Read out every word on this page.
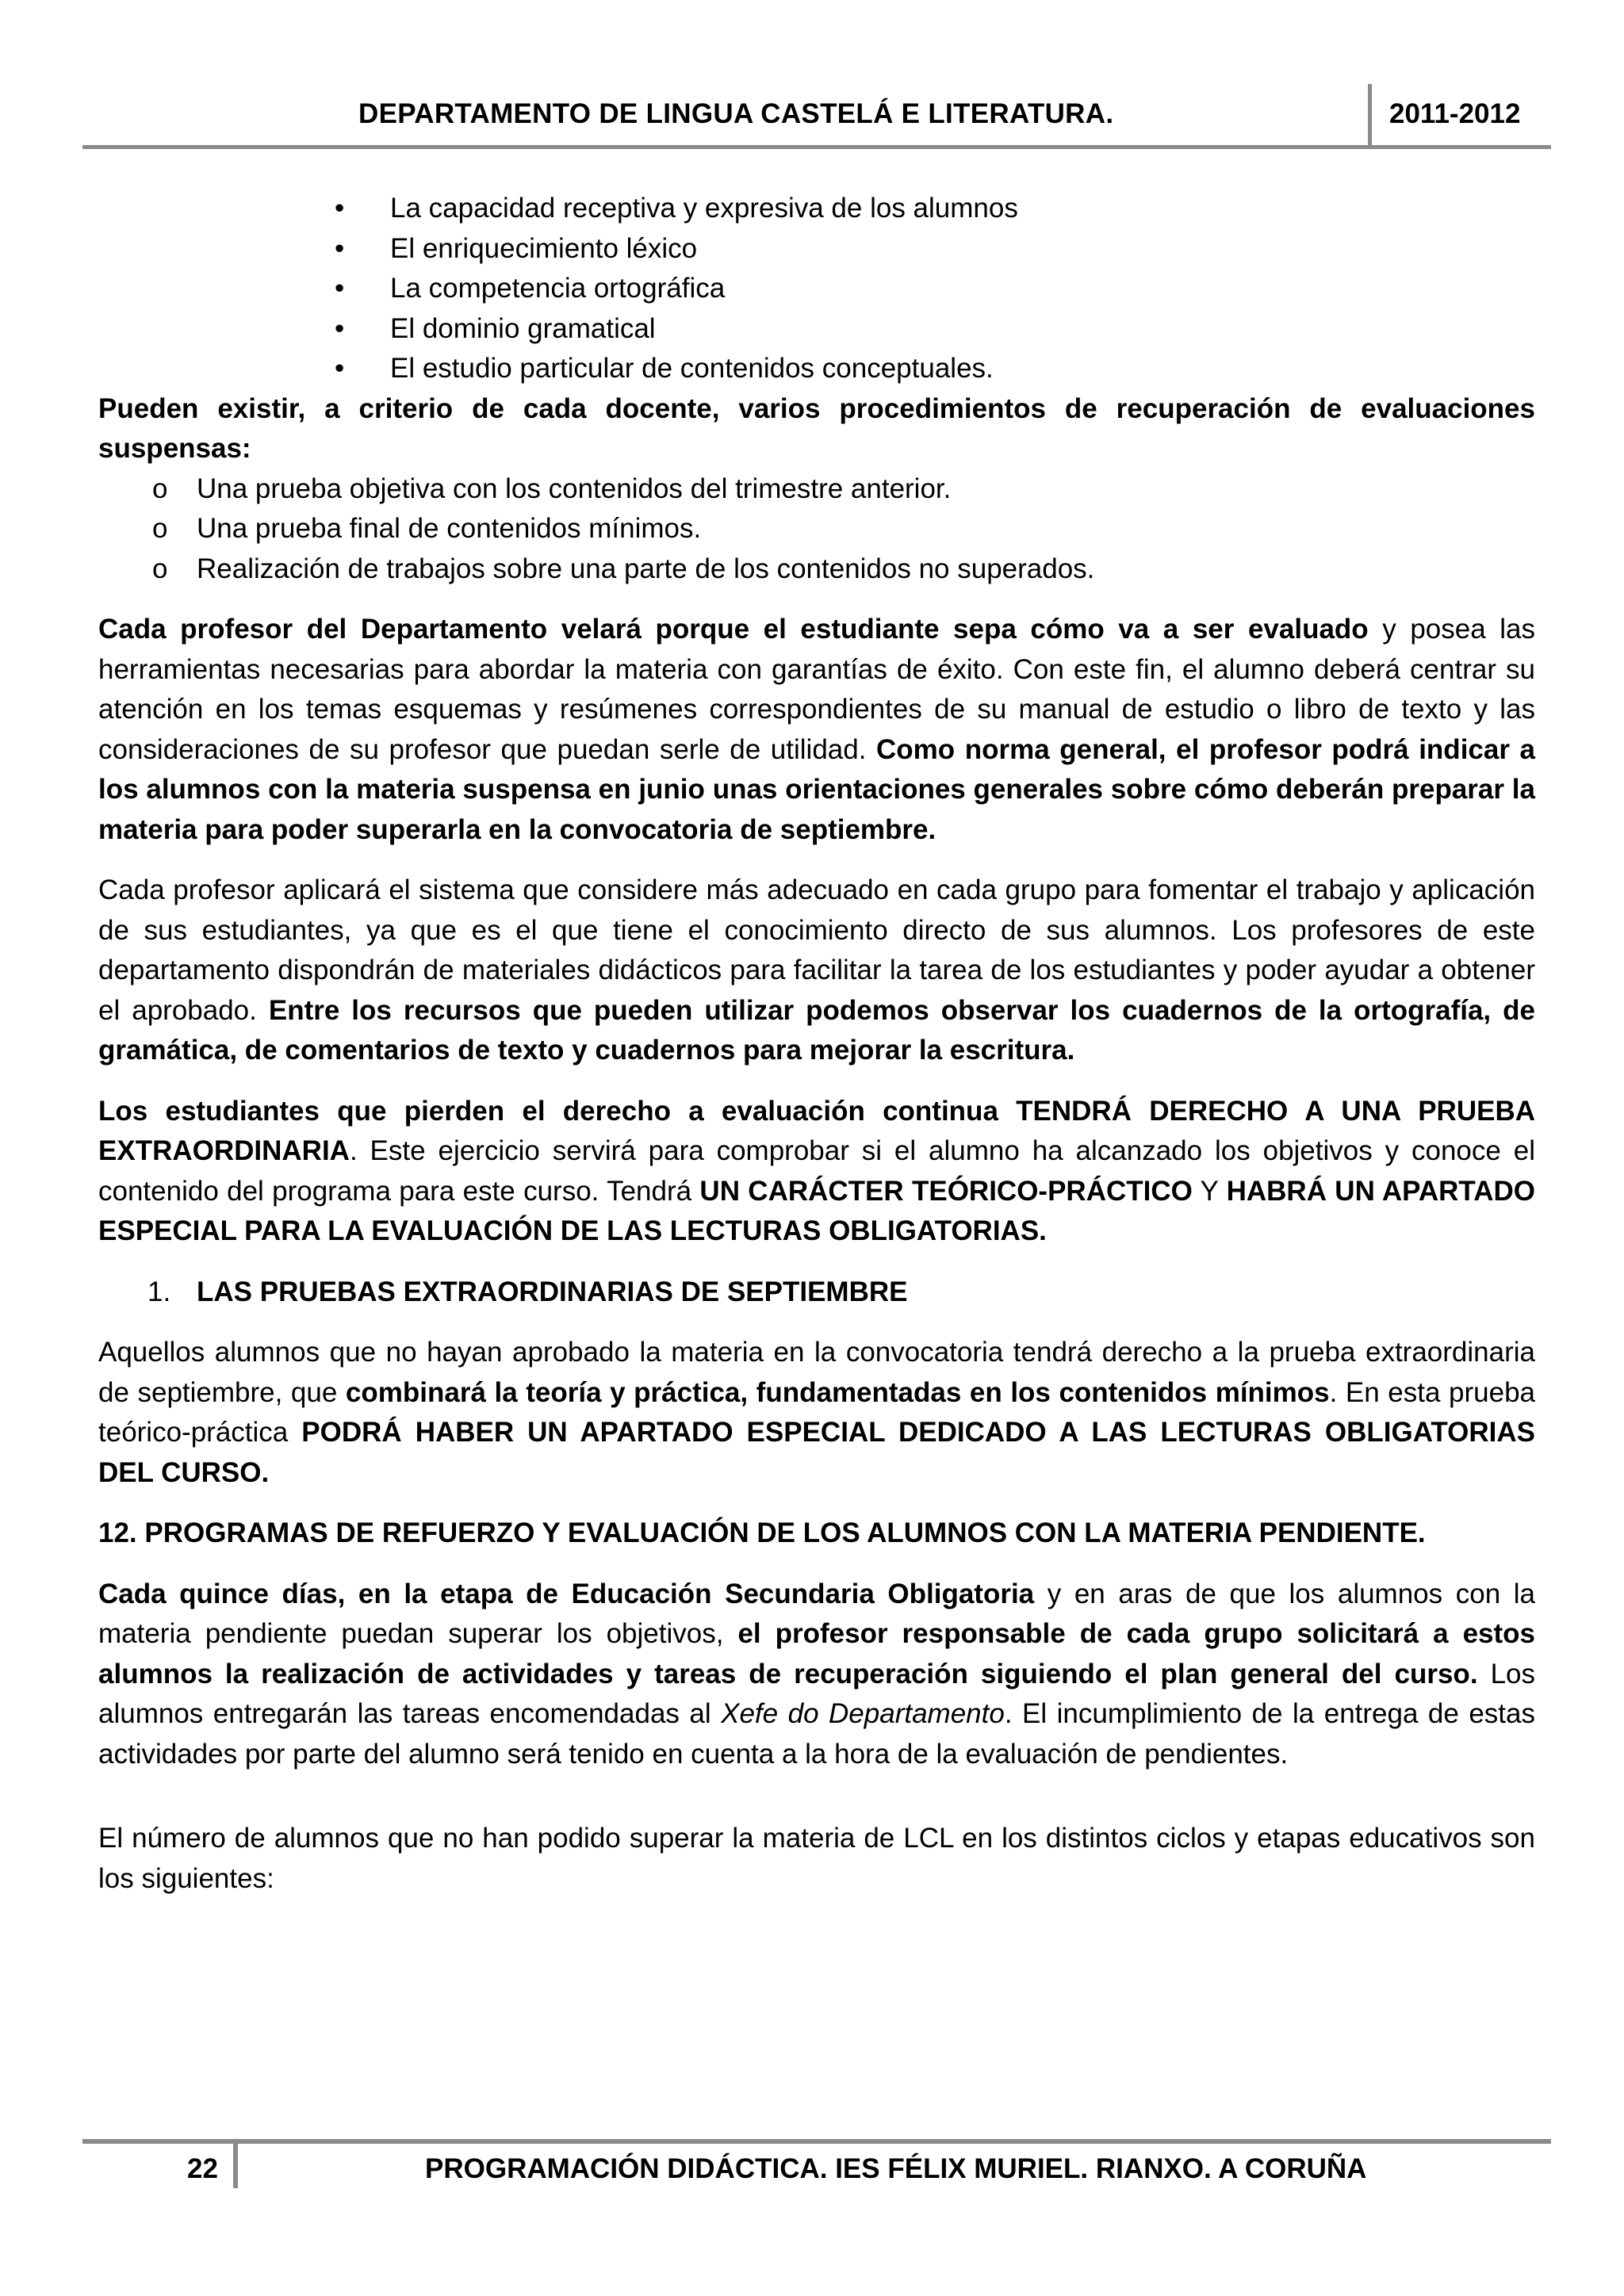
DEPARTAMENTO DE LINGUA CASTELÁ E LITERATURA.	2011-2012
• La capacidad receptiva y expresiva de los alumnos
• El enriquecimiento léxico
• La competencia ortográfica
• El dominio gramatical
• El estudio particular de contenidos conceptuales.

Pueden existir, a criterio de cada docente, varios procedimientos de recuperación de evaluaciones suspensas:

o Una prueba objetiva con los contenidos del trimestre anterior.
o Una prueba final de contenidos mínimos.
o Realización de trabajos sobre una parte de los contenidos no superados.

Cada profesor del Departamento velará porque el estudiante sepa cómo va a ser evaluado y posea las herramientas necesarias para abordar la materia con garantías de éxito. Con este fin, el alumno deberá centrar su atención en los temas esquemas y resúmenes correspondientes de su manual de estudio o libro de texto y las consideraciones de su profesor que puedan serle de utilidad. Como norma general, el profesor podrá indicar a los alumnos con la materia suspensa en junio unas orientaciones generales sobre cómo deberán preparar la materia para poder superarla en la convocatoria de septiembre.

Cada profesor aplicará el sistema que considere más adecuado en cada grupo para fomentar el trabajo y aplicación de sus estudiantes, ya que es el que tiene el conocimiento directo de sus alumnos. Los profesores de este departamento dispondrán de materiales didácticos para facilitar la tarea de los estudiantes y poder ayudar a obtener el aprobado. Entre los recursos que pueden utilizar podemos observar los cuadernos de la ortografía, de gramática, de comentarios de texto y cuadernos para mejorar la escritura.

Los estudiantes que pierden el derecho a evaluación continua TENDRÁ DERECHO A UNA PRUEBA EXTRAORDINARIA. Este ejercicio servirá para comprobar si el alumno ha alcanzado los objetivos y conoce el contenido del programa para este curso. Tendrá UN CARÁCTER TEÓRICO-PRÁCTICO Y HABRÁ UN APARTADO ESPECIAL PARA LA EVALUACIÓN DE LAS LECTURAS OBLIGATORIAS.

1. LAS PRUEBAS EXTRAORDINARIAS DE SEPTIEMBRE

Aquellos alumnos que no hayan aprobado la materia en la convocatoria tendrá derecho a la prueba extraordinaria de septiembre, que combinará la teoría y práctica, fundamentadas en los contenidos mínimos. En esta prueba teórico-práctica PODRÁ HABER UN APARTADO ESPECIAL DEDICADO A LAS LECTURAS OBLIGATORIAS DEL CURSO.

12. PROGRAMAS DE REFUERZO Y EVALUACIÓN DE LOS ALUMNOS CON LA MATERIA PENDIENTE.

Cada quince días, en la etapa de Educación Secundaria Obligatoria y en aras de que los alumnos con la materia pendiente puedan superar los objetivos, el profesor responsable de cada grupo solicitará a estos alumnos la realización de actividades y tareas de recuperación siguiendo el plan general del curso. Los alumnos entregarán las tareas encomendadas al Xefe do Departamento. El incumplimiento de la entrega de estas actividades por parte del alumno será tenido en cuenta a la hora de la evaluación de pendientes.

El número de alumnos que no han podido superar la materia de LCL en los distintos ciclos y etapas educativos son los siguientes:

22	PROGRAMACIÓN DIDÁCTICA. IES FÉLIX MURIEL. RIANXO. A CORUÑA
